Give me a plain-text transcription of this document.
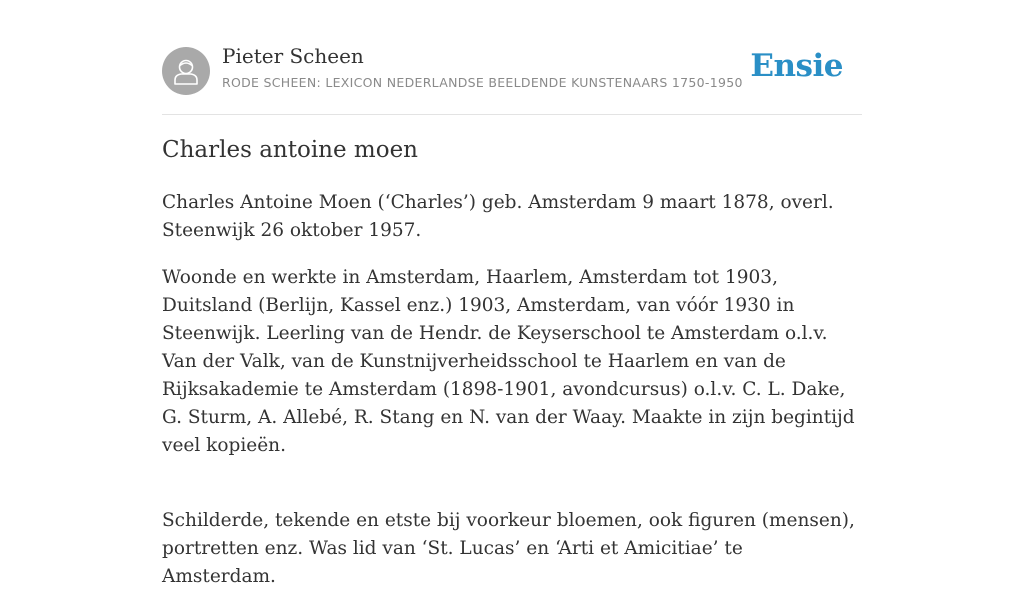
Pieter Scheen
RODE SCHEEN: LEXICON NEDERLANDSE BEELDENDE KUNSTENAARS 1750-1950 Ensie
Charles antoine moen

Charles Antoine Moen (‘Charles’) geb. Amsterdam 9 maart 1878, overl. Steenwijk 26 oktober 1957.

Woonde en werkte in Amsterdam, Haarlem, Amsterdam tot 1903, Duitsland (Berlijn, Kassel enz.) 1903, Amsterdam, van vóór 1930 in Steenwijk. Leerling van de Hendr. de Keyserschool te Amsterdam o.l.v. Van der Valk, van de Kunstnijverheidsschool te Haarlem en van de Rijksakademie te Amsterdam (1898-1901, avondcursus) o.l.v. C. L. Dake, G. Sturm, A. Allebé, R. Stang en N. van der Waay. Maakte in zijn begintijd veel kopieën.

Schilderde, tekende en etste bij voorkeur bloemen, ook figuren (mensen), portretten enz. Was lid van ‘St. Lucas’ en ‘Arti et Amicitiae’ te Amsterdam.
